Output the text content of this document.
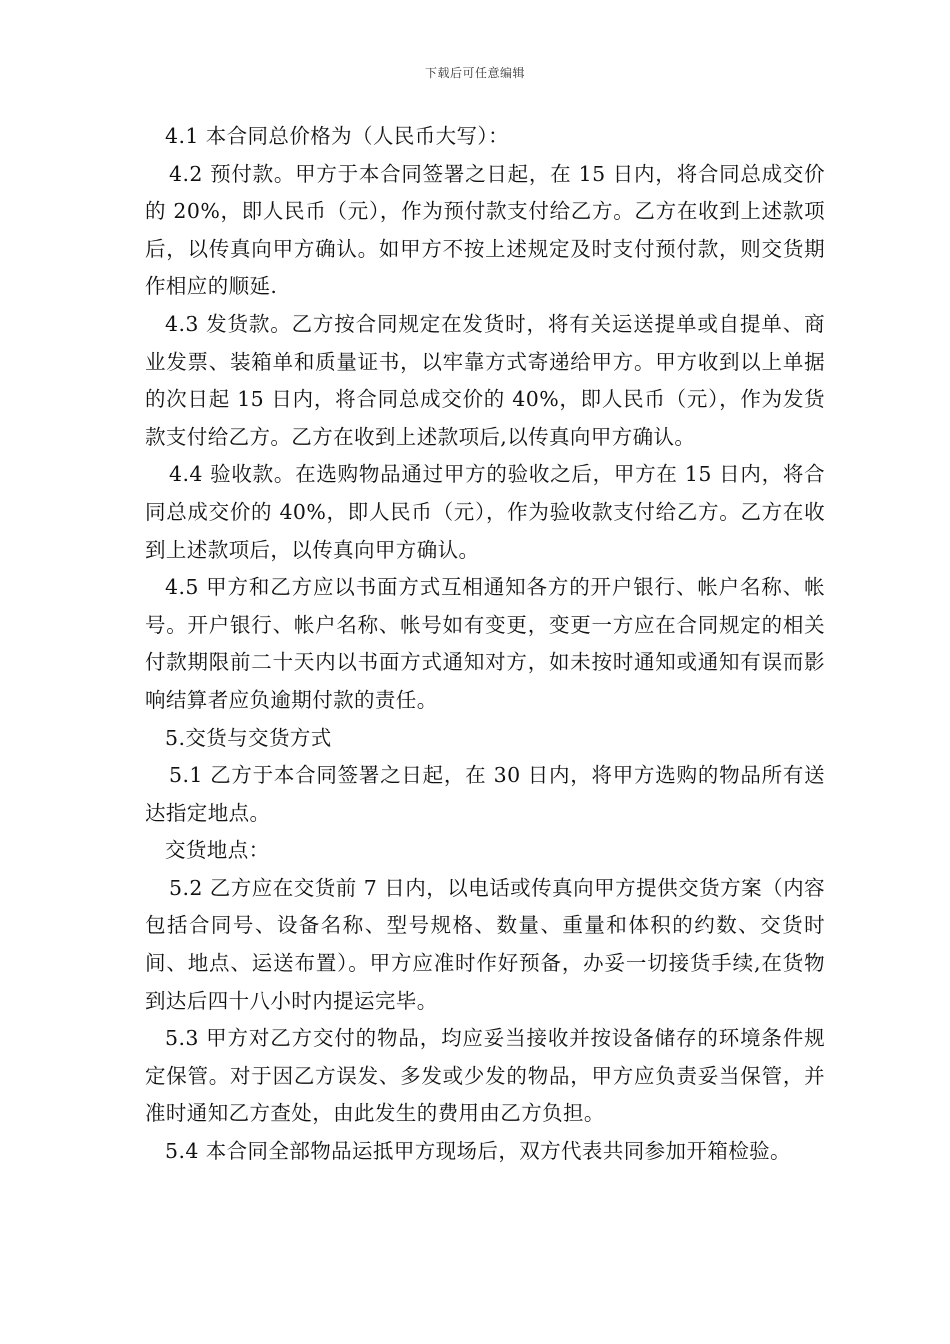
下载后可任意编辑

4.1 本合同总价格为（人民币大写）：

4.2 预付款。甲方于本合同签署之日起，在 15 日内，将合同总成交价的 20%，即人民币（元），作为预付款支付给乙方。乙方在收到上述款项后，以传真向甲方确认。如甲方不按上述规定及时支付预付款，则交货期作相应的顺延.

4.3 发货款。乙方按合同规定在发货时，将有关运送提单或自提单、商业发票、装箱单和质量证书，以牢靠方式寄递给甲方。甲方收到以上单据的次日起 15 日内，将合同总成交价的 40%，即人民币（元），作为发货款支付给乙方。乙方在收到上述款项后,以传真向甲方确认。

4.4 验收款。在选购物品通过甲方的验收之后，甲方在 15 日内，将合同总成交价的 40%，即人民币（元），作为验收款支付给乙方。乙方在收到上述款项后，以传真向甲方确认。

4.5 甲方和乙方应以书面方式互相通知各方的开户银行、帐户名称、帐号。开户银行、帐户名称、帐号如有变更，变更一方应在合同规定的相关付款期限前二十天内以书面方式通知对方，如未按时通知或通知有误而影响结算者应负逾期付款的责任。

5.交货与交货方式

5.1 乙方于本合同签署之日起，在 30 日内，将甲方选购的物品所有送达指定地点。

交货地点：

5.2 乙方应在交货前 7 日内，以电话或传真向甲方提供交货方案（内容包括合同号、设备名称、型号规格、数量、重量和体积的约数、交货时间、地点、运送布置）。甲方应准时作好预备，办妥一切接货手续,在货物到达后四十八小时内提运完毕。

5.3 甲方对乙方交付的物品，均应妥当接收并按设备储存的环境条件规定保管。对于因乙方误发、多发或少发的物品，甲方应负责妥当保管，并准时通知乙方查处，由此发生的费用由乙方负担。

5.4 本合同全部物品运抵甲方现场后，双方代表共同参加开箱检验。
